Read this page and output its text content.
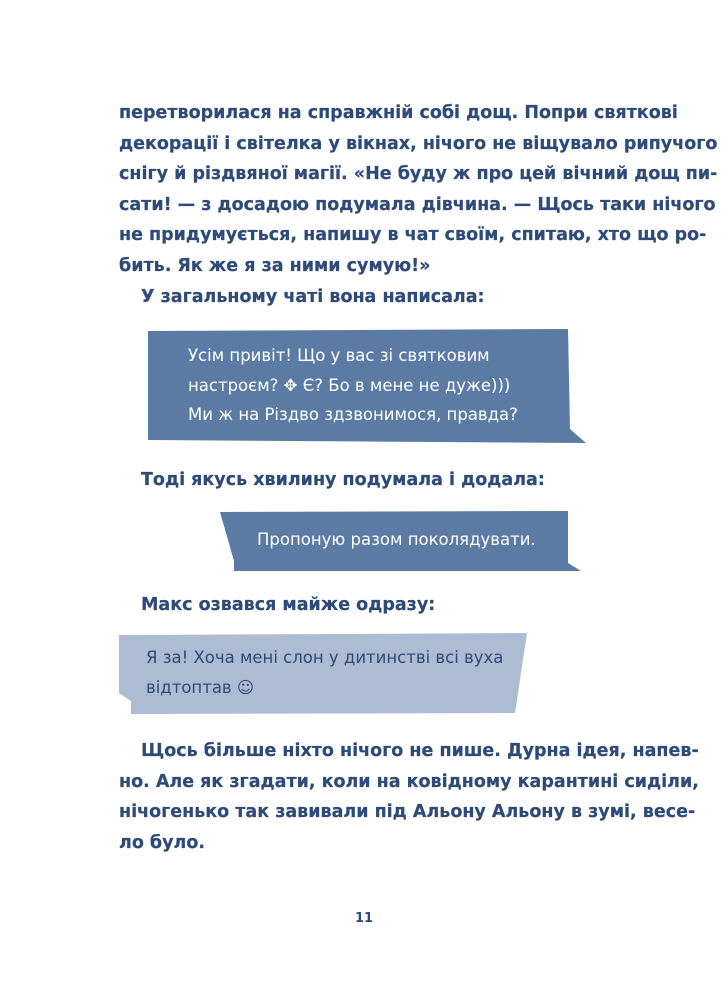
перетворилася на справжній собі дощ. Попри святкові
декорації і світелка у вікнах, нічого не віщувало рипучого
снігу й різдвяної магії. «Не буду ж про цей вічний дощ пи-
сати! — з досадою подумала дівчина. — Щось таки нічого
не придумується, напишу в чат своїм, спитаю, хто що ро-
бить. Як же я за ними сумую!»
У загальному чаті вона написала:
Усім привіт! Що у вас зі святковим
настроєм? ✥ Є? Бо в мене не дуже)))
Ми ж на Різдво здзвонимося, правда?
Тоді якусь хвилину подумала і додала:
Пропоную разом поколядувати.
Макс озвався майже одразу:
Я за! Хоча мені слон у дитинстві всі вуха
відтоптав ☺
Щось більше ніхто нічого не пише. Дурна ідея, напев-
но. Але як згадати, коли на ковідному карантині сиділи,
нічогенько так завивали під Альону Альону в зумі, весе-
ло було.
11
